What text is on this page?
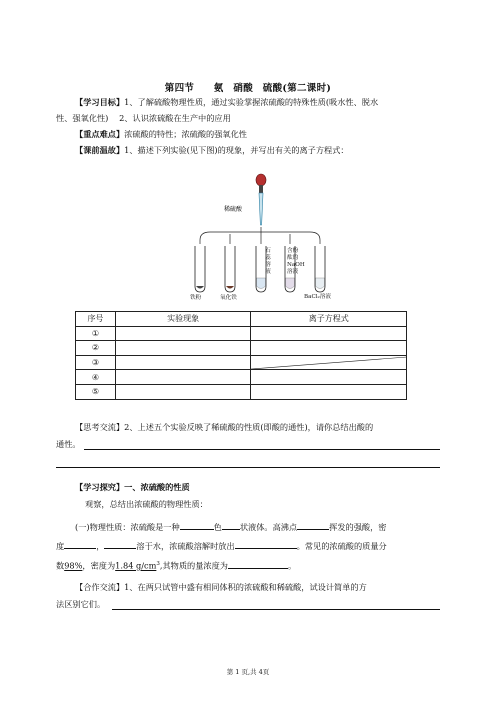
第四节　　氨　硝酸　硫酸(第二课时)
【学习目标】1、了解硫酸物理性质，通过实验掌握浓硫酸的特殊性质(吸水性、脱水
性、强氧化性)　 2、认识浓硫酸在生产中的应用
【重点难点】浓硫酸的特性；浓硫酸的强氧化性
【课前温故】1、描述下列实验(见下图)的现象，并写出有关的离子方程式：
稀硫酸
铁粉	氧化铁
石
蕊
溶
液
含酚
酞的
NaOH
溶液
BaCl₂溶液
序号	实验现象	离子方程式
①		
②		
③		

④		
⑤		
【思考交流】2、上述五个实验反映了稀硫酸的性质(即酸的通性)，请你总结出酸的
通性。
【学习探究】一、浓硫酸的性质
观察，总结出浓硫酸的物理性质：
(一)物理性质：浓硫酸是一种	色 状液体。高沸点	挥发的强酸，密
度	，	溶于水，浓硫酸溶解时放出	。常见的浓硫酸的质量分
数98%，密度为1.84 $g/cm^3$,其物质的量浓度为	。
【合作交流】1、在两只试管中盛有相同体积的浓硫酸和稀硫酸，试设计简单的方
法区别它们。
第 1 页,共 4页
